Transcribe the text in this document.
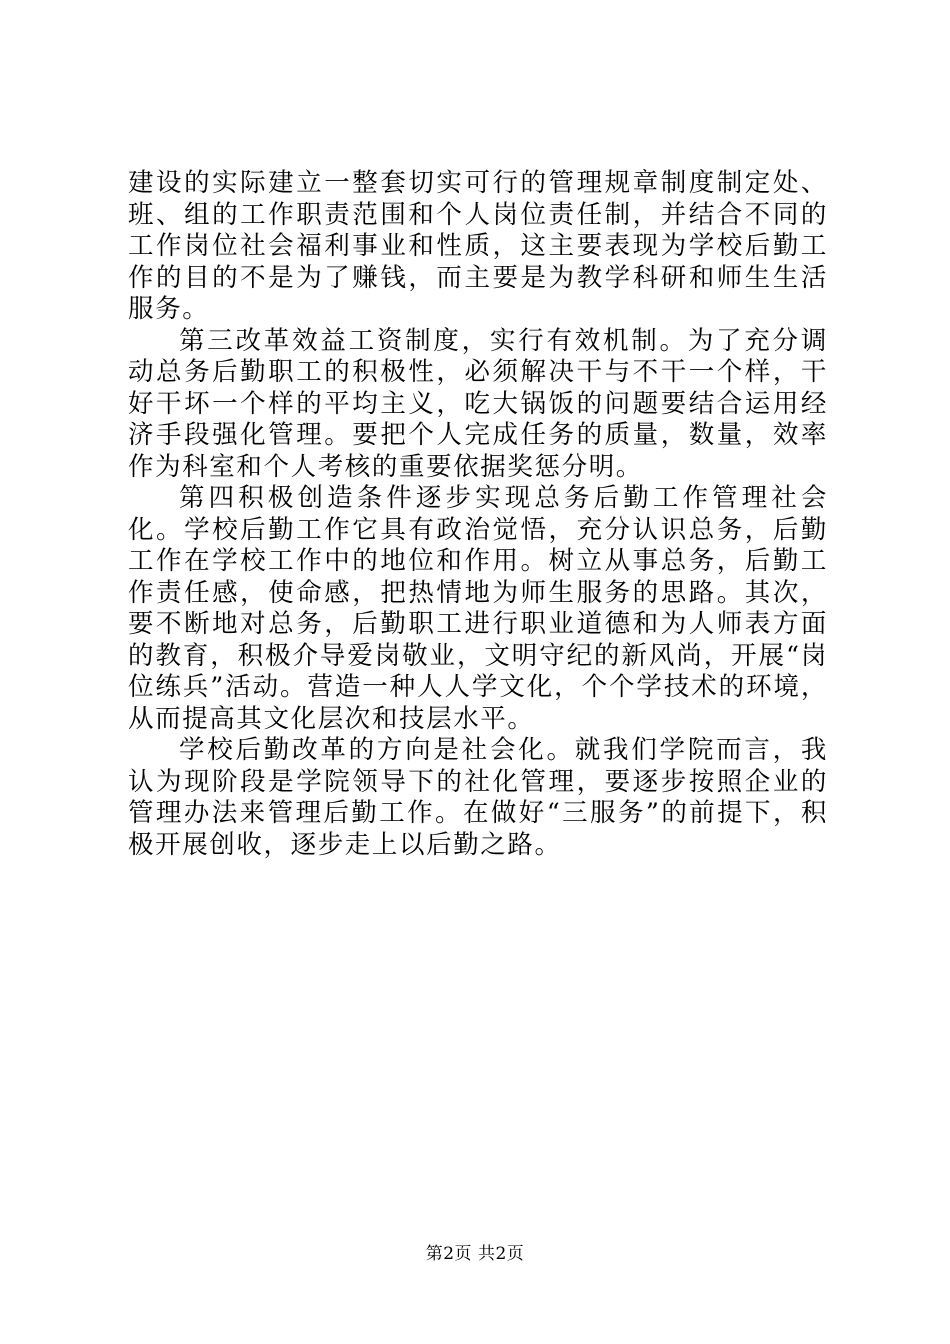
建设的实际建立一整套切实可行的管理规章制度制定处、班、组的工作职责范围和个人岗位责任制，并结合不同的工作岗位社会福利事业和性质，这主要表现为学校后勤工作的目的不是为了赚钱，而主要是为教学科研和师生生活服务。

第三改革效益工资制度，实行有效机制。为了充分调动总务后勤职工的积极性，必须解决干与不干一个样，干好干坏一个样的平均主义，吃大锅饭的问题要结合运用经济手段强化管理。要把个人完成任务的质量，数量，效率作为科室和个人考核的重要依据奖惩分明。

第四积极创造条件逐步实现总务后勤工作管理社会化。学校后勤工作它具有政治觉悟，充分认识总务，后勤工作在学校工作中的地位和作用。树立从事总务，后勤工作责任感，使命感，把热情地为师生服务的思路。其次，要不断地对总务，后勤职工进行职业道德和为人师表方面的教育，积极介导爱岗敬业，文明守纪的新风尚，开展“岗位练兵”活动。营造一种人人学文化，个个学技术的环境，从而提高其文化层次和技层水平。

学校后勤改革的方向是社会化。就我们学院而言，我认为现阶段是学院领导下的社化管理，要逐步按照企业的管理办法来管理后勤工作。在做好“三服务”的前提下，积极开展创收，逐步走上以后勤之路。

第2页 共2页
